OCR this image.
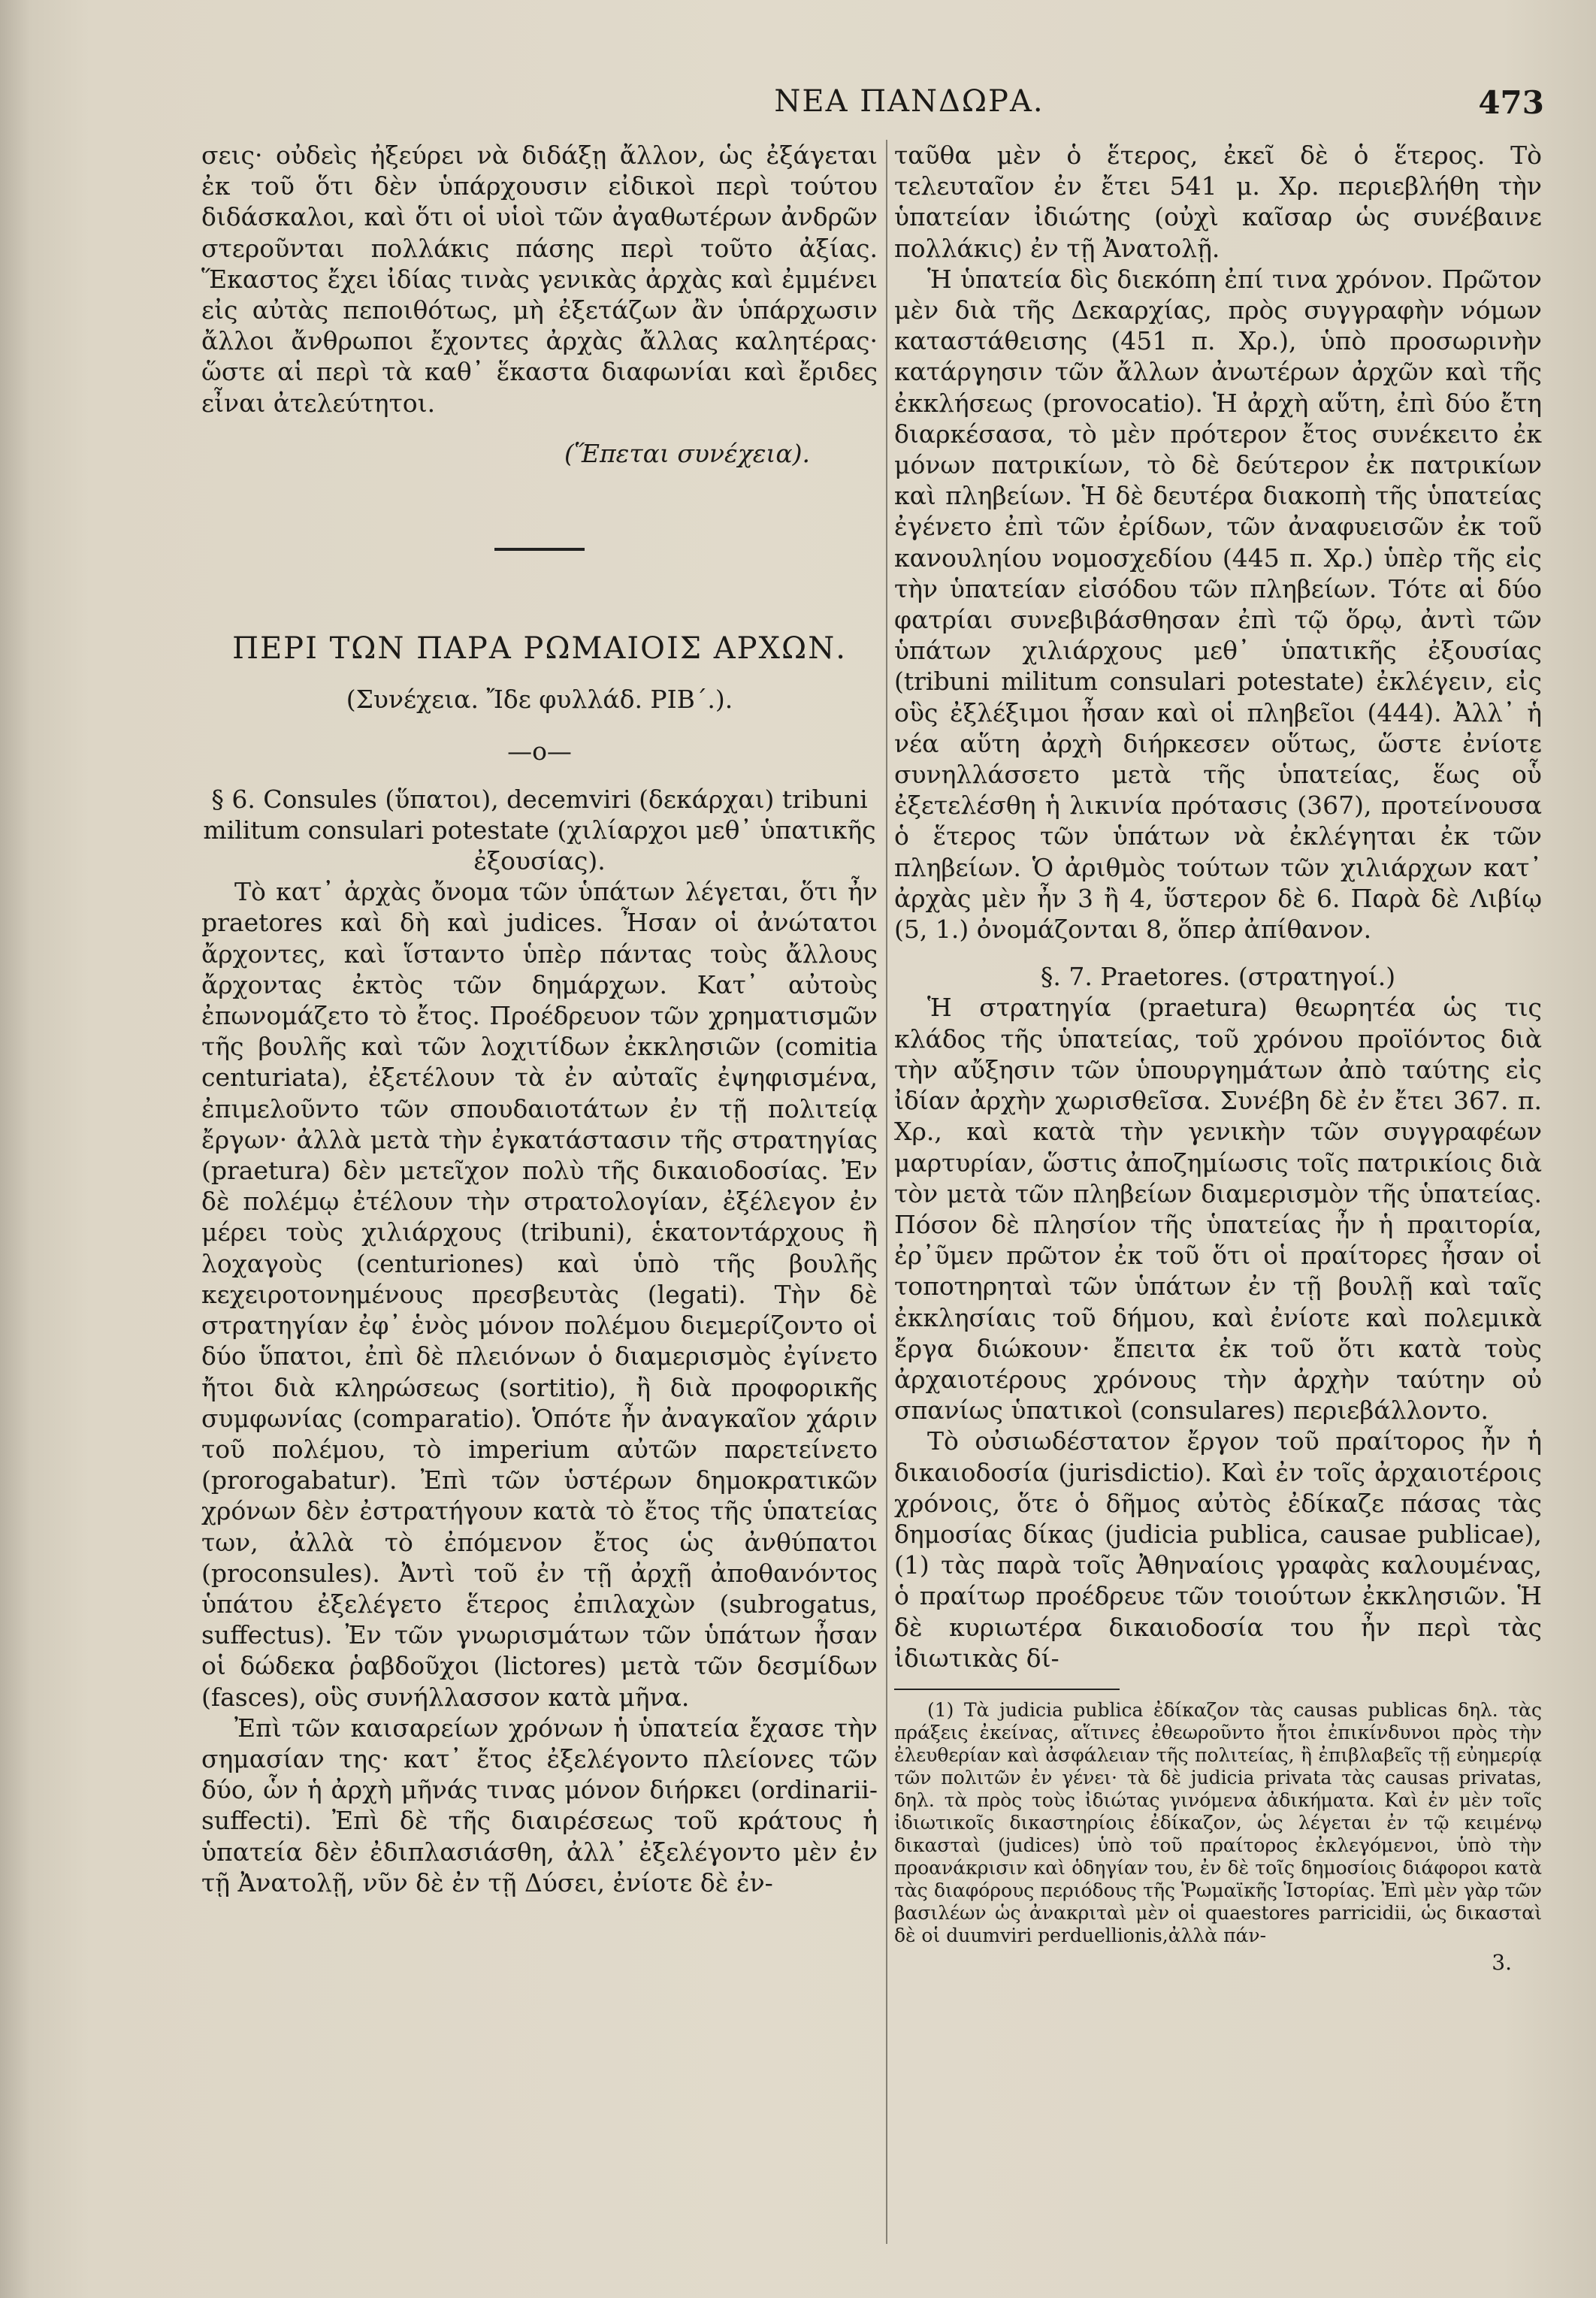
ΝΕΑ ΠΑΝΔΩΡΑ.	473

σεις· οὐδεὶς ἠξεύρει νὰ διδάξῃ ἄλλον, ὡς ἐξάγεται ἐκ τοῦ ὅτι δὲν ὑπάρχουσιν εἰδικοὶ περὶ τούτου διδάσκαλοι, καὶ ὅτι οἱ υἱοὶ τῶν ἀγαθωτέρων ἀνδρῶν στεροῦνται πολλάκις πάσης περὶ τοῦτο ἀξίας. Ἕκαστος ἔχει ἰδίας τινὰς γενικὰς ἀρχὰς καὶ ἐμμένει εἰς αὐτὰς πεποιθότως, μὴ ἐξετάζων ἂν ὑπάρχωσιν ἄλλοι ἄνθρωποι ἔχοντες ἀρχὰς ἄλλας καλητέρας· ὥστε αἱ περὶ τὰ καθ᾽ ἕκαστα διαφωνίαι καὶ ἔριδες εἶναι ἀτελεύτητοι.

(Ἕπεται συνέχεια).

ΠΕΡΙ ΤΩΝ ΠΑΡΑ ΡΩΜΑΙΟΙΣ ΑΡΧΩΝ.

(Συνέχεια. Ἴδε φυλλάδ. ΡΙΒ΄.).

—ο—

§ 6. Consules (ὕπατοι), decemviri (δεκάρχαι) tribuni militum consulari potestate (χιλίαρχοι μεθ᾽ ὑπατικῆς ἐξουσίας).

Τὸ κατ᾽ ἀρχὰς ὄνομα τῶν ὑπάτων λέγεται, ὅτι ἦν praetores καὶ δὴ καὶ judices. Ἦσαν οἱ ἀνώτατοι ἄρχοντες, καὶ ἵσταντο ὑπὲρ πάντας τοὺς ἄλλους ἄρχοντας ἐκτὸς τῶν δημάρχων. Κατ᾽ αὐτοὺς ἐπωνομάζετο τὸ ἔτος. Προέδρευον τῶν χρηματισμῶν τῆς βουλῆς καὶ τῶν λοχιτίδων ἐκκλησιῶν (comitia centuriata), ἐξετέλουν τὰ ἐν αὐταῖς ἐψηφισμένα, ἐπιμελοῦντο τῶν σπουδαιοτάτων ἐν τῇ πολιτείᾳ ἔργων· ἀλλὰ μετὰ τὴν ἐγκατάστασιν τῆς στρατηγίας (praetura) δὲν μετεῖχον πολὺ τῆς δικαιοδοσίας. Ἐν δὲ πολέμῳ ἐτέλουν τὴν στρατολογίαν, ἐξέλεγον ἐν μέρει τοὺς χιλιάρχους (tribuni), ἑκατοντάρχους ἢ λοχαγοὺς (centuriones) καὶ ὑπὸ τῆς βουλῆς κεχειροτονημένους πρεσβευτὰς (legati). Τὴν δὲ στρατηγίαν ἐφ᾽ ἑνὸς μόνον πολέμου διεμερίζοντο οἱ δύο ὕπατοι, ἐπὶ δὲ πλειόνων ὁ διαμερισμὸς ἐγίνετο ἤτοι διὰ κληρώσεως (sortitio), ἢ διὰ προφορικῆς συμφωνίας (comparatio). Ὁπότε ἦν ἀναγκαῖον χάριν τοῦ πολέμου, τὸ imperium αὐτῶν παρετείνετο (prorogabatur). Ἐπὶ τῶν ὑστέρων δημοκρατικῶν χρόνων δὲν ἐστρατήγουν κατὰ τὸ ἔτος τῆς ὑπατείας των, ἀλλὰ τὸ ἐπόμενον ἔτος ὡς ἀνθύπατοι (proconsules). Ἀντὶ τοῦ ἐν τῇ ἀρχῇ ἀποθανόντος ὑπάτου ἐξελέγετο ἕτερος ἐπιλαχὼν (subrogatus, suffectus). Ἐν τῶν γνωρισμάτων τῶν ὑπάτων ἦσαν οἱ δώδεκα ῥαβδοῦχοι (lictores) μετὰ τῶν δεσμίδων (fasces), οὓς συνήλλασσον κατὰ μῆνα.

Ἐπὶ τῶν καισαρείων χρόνων ἡ ὑπατεία ἔχασε τὴν σημασίαν της· κατ᾽ ἔτος ἐξελέγοντο πλείονες τῶν δύο, ὧν ἡ ἀρχὴ μῆνάς τινας μόνον διήρκει (ordinarii-suffecti). Ἐπὶ δὲ τῆς διαιρέσεως τοῦ κράτους ἡ ὑπατεία δὲν ἐδιπλασιάσθη, ἀλλ᾽ ἐξελέγοντο μὲν ἐν τῇ Ἀνατολῇ, νῦν δὲ ἐν τῇ Δύσει, ἐνίοτε δὲ ἐν-

ταῦθα μὲν ὁ ἕτερος, ἐκεῖ δὲ ὁ ἕτερος. Τὸ τελευταῖον ἐν ἔτει 541 μ. Χρ. περιεβλήθη τὴν ὑπατείαν ἰδιώτης (οὐχὶ καῖσαρ ὡς συνέβαινε πολλάκις) ἐν τῇ Ἀνατολῇ.

Ἡ ὑπατεία δὶς διεκόπη ἐπί τινα χρόνον. Πρῶτον μὲν διὰ τῆς Δεκαρχίας, πρὸς συγγραφὴν νόμων καταστάθεισης (451 π. Χρ.), ὑπὸ προσωρινὴν κατάργησιν τῶν ἄλλων ἀνωτέρων ἀρχῶν καὶ τῆς ἐκκλήσεως (provocatio). Ἡ ἀρχὴ αὕτη, ἐπὶ δύο ἔτη διαρκέσασα, τὸ μὲν πρότερον ἔτος συνέκειτο ἐκ μόνων πατρικίων, τὸ δὲ δεύτερον ἐκ πατρικίων καὶ πληβείων. Ἡ δὲ δευτέρα διακοπὴ τῆς ὑπατείας ἐγένετο ἐπὶ τῶν ἐρίδων, τῶν ἀναφυεισῶν ἐκ τοῦ κανουληίου νομοσχεδίου (445 π. Χρ.) ὑπὲρ τῆς εἰς τὴν ὑπατείαν εἰσόδου τῶν πληβείων. Τότε αἱ δύο φατρίαι συνεβιβάσθησαν ἐπὶ τῷ ὅρῳ, ἀντὶ τῶν ὑπάτων χιλιάρχους μεθ᾽ ὑπατικῆς ἐξουσίας (tribuni militum consulari potestate) ἐκλέγειν, εἰς οὓς ἐξλέξιμοι ἦσαν καὶ οἱ πληβεῖοι (444). Ἀλλ᾽ ἡ νέα αὕτη ἀρχὴ διήρκεσεν οὕτως, ὥστε ἐνίοτε συνηλλάσσετο μετὰ τῆς ὑπατείας, ἕως οὗ ἐξετελέσθη ἡ λικινία πρότασις (367), προτείνουσα ὁ ἕτερος τῶν ὑπάτων νὰ ἐκλέγηται ἐκ τῶν πληβείων. Ὁ ἀριθμὸς τούτων τῶν χιλιάρχων κατ᾽ ἀρχὰς μὲν ἦν 3 ἢ 4, ὕστερον δὲ 6. Παρὰ δὲ Λιβίῳ (5, 1.) ὀνομάζονται 8, ὅπερ ἀπίθανον.

§. 7. Praetores. (στρατηγοί.)

Ἡ στρατηγία (praetura) θεωρητέα ὡς τις κλάδος τῆς ὑπατείας, τοῦ χρόνου προϊόντος διὰ τὴν αὔξησιν τῶν ὑπουργημάτων ἀπὸ ταύτης εἰς ἰδίαν ἀρχὴν χωρισθεῖσα. Συνέβη δὲ ἐν ἔτει 367. π. Χρ., καὶ κατὰ τὴν γενικὴν τῶν συγγραφέων μαρτυρίαν, ὥστις ἀποζημίωσις τοῖς πατρικίοις διὰ τὸν μετὰ τῶν πληβείων διαμερισμὸν τῆς ὑπατείας. Πόσον δὲ πλησίον τῆς ὑπατείας ἦν ἡ πραιτορία, ἐρ᾽ῦμεν πρῶτον ἐκ τοῦ ὅτι οἱ πραίτορες ἦσαν οἱ τοποτηρηταὶ τῶν ὑπάτων ἐν τῇ βουλῇ καὶ ταῖς ἐκκλησίαις τοῦ δήμου, καὶ ἐνίοτε καὶ πολεμικὰ ἔργα διώκουν· ἔπειτα ἐκ τοῦ ὅτι κατὰ τοὺς ἀρχαιοτέρους χρόνους τὴν ἀρχὴν ταύτην οὐ σπανίως ὑπατικοὶ (consulares) περιεβάλλοντο.

Τὸ οὐσιωδέστατον ἔργον τοῦ πραίτορος ἦν ἡ δικαιοδοσία (jurisdictio). Καὶ ἐν τοῖς ἀρχαιοτέροις χρόνοις, ὅτε ὁ δῆμος αὐτὸς ἐδίκαζε πάσας τὰς δημοσίας δίκας (judicia publica, causae publicae), (1) τὰς παρὰ τοῖς Ἀθηναίοις γραφὰς καλουμένας, ὁ πραίτωρ προέδρευε τῶν τοιούτων ἐκκλησιῶν. Ἡ δὲ κυριωτέρα δικαιοδοσία του ἦν περὶ τὰς ἰδιωτικὰς δί-

(1) Τὰ judicia publica ἐδίκαζον τὰς causas publicas δηλ. τὰς πράξεις ἐκείνας, αἵτινες ἐθεωροῦντο ἤτοι ἐπικίνδυνοι πρὸς τὴν ἐλευθερίαν καὶ ἀσφάλειαν τῆς πολιτείας, ἢ ἐπιβλαβεῖς τῇ εὐημερίᾳ τῶν πολιτῶν ἐν γένει· τὰ δὲ judicia privata τὰς causas privatas, δηλ. τὰ πρὸς τοὺς ἰδιώτας γινόμενα ἀδικήματα. Καὶ ἐν μὲν τοῖς ἰδιωτικοῖς δικαστηρίοις ἐδίκαζον, ὡς λέγεται ἐν τῷ κειμένῳ δικασταὶ (judices) ὑπὸ τοῦ πραίτορος ἐκλεγόμενοι, ὑπὸ τὴν προανάκρισιν καὶ ὁδηγίαν του, ἐν δὲ τοῖς δημοσίοις διάφοροι κατὰ τὰς διαφόρους περιόδους τῆς Ῥωμαϊκῆς Ἱστορίας. Ἐπὶ μὲν γὰρ τῶν βασιλέων ὡς ἀνακριταὶ μὲν οἱ quaestores parricidii, ὡς δικασταὶ δὲ οἱ duumviri perduellionis,ἀλλὰ πάν-

3.
